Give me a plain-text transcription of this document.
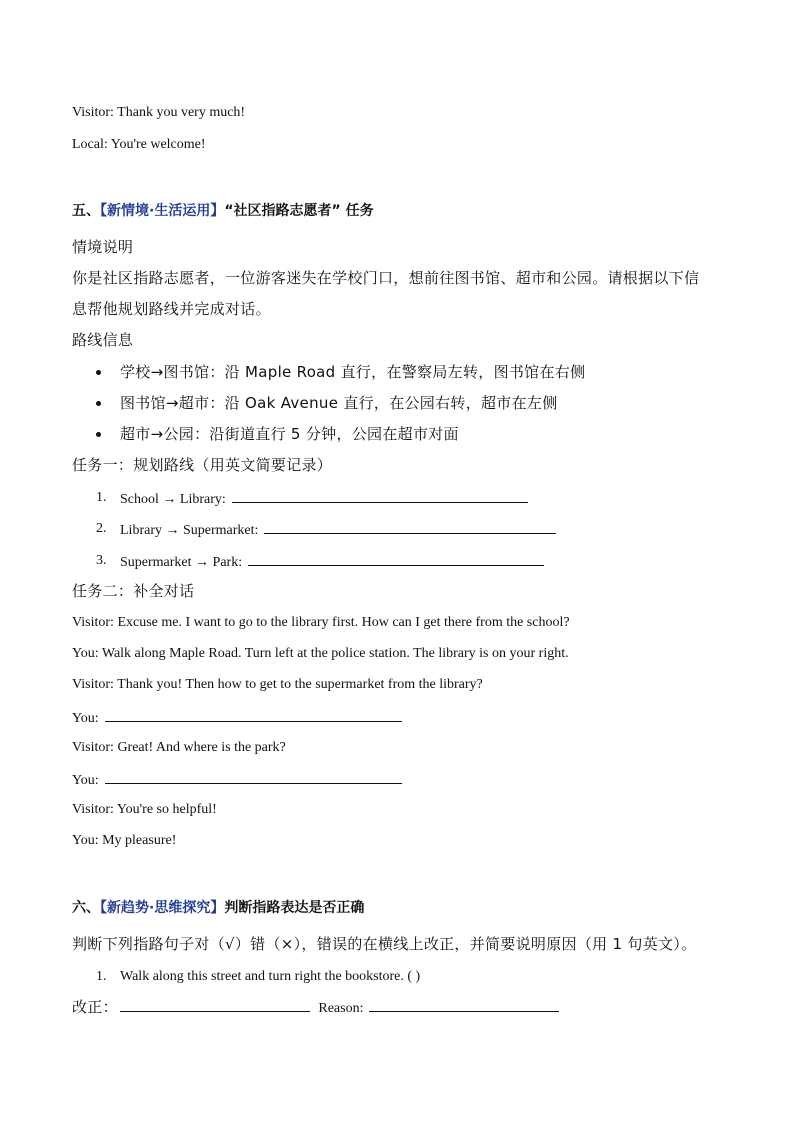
Visitor: Thank you very much!
Local: You're welcome!
五、【新情境·生活运用】“社区指路志愿者” 任务
情境说明
你是社区指路志愿者，一位游客迷失在学校门口，想前往图书馆、超市和公园。请根据以下信
息帮他规划路线并完成对话。
路线信息
学校→图书馆：沿 Maple Road 直行，在警察局左转，图书馆在右侧
图书馆→超市：沿 Oak Avenue 直行，在公园右转，超市在左侧
超市→公园：沿街道直行 5 分钟，公园在超市对面
任务一：规划路线（用英文简要记录）
1. School → Library:
2. Library → Supermarket:
3. Supermarket → Park:
任务二：补全对话
Visitor: Excuse me. I want to go to the library first. How can I get there from the school?
You: Walk along Maple Road. Turn left at the police station. The library is on your right.
Visitor: Thank you! Then how to get to the supermarket from the library?
You:
Visitor: Great! And where is the park?
You:
Visitor: You're so helpful!
You: My pleasure!
六、【新趋势·思维探究】判断指路表达是否正确
判断下列指路句子对（√）错（×），错误的在横线上改正，并简要说明原因（用 1 句英文）。
1. Walk along this street and turn right the bookstore. ( )
改正：	Reason:
